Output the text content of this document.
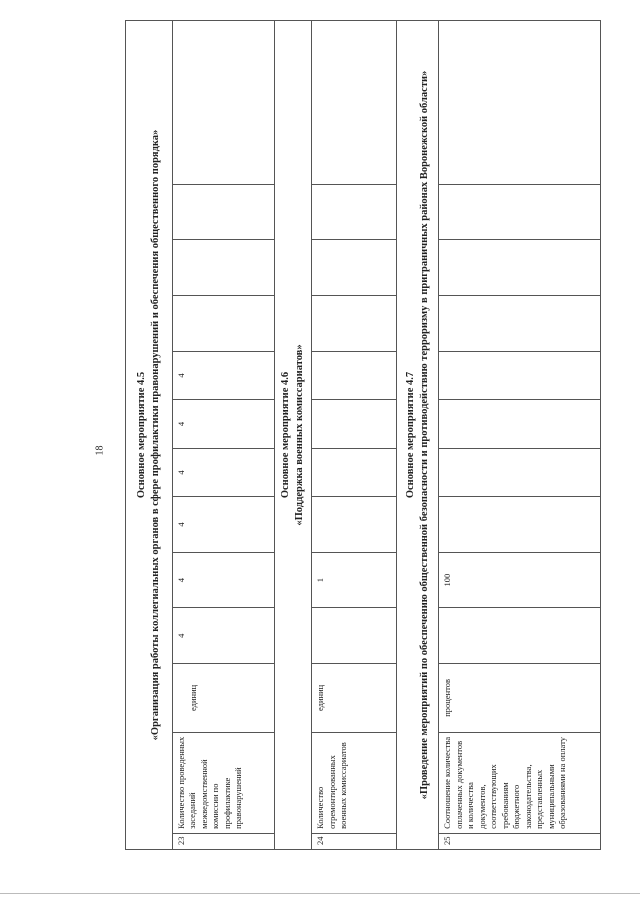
18	Основное мероприятие 4.5 «Организация работы коллегиальных органов в сфере профилактики правонарушений и обеспечения общественного порядка»												

23	Количество проведенных заседаний межведомственной комиссии по профилактике правонарушений	единиц	4	4	4	4	4	4				

Основное мероприятие 4.6 «Поддержка военных комиссариатов»												

24	Количество отремонтированных военных комиссариатов	единиц		1								

Основное мероприятие 4.7 «Проведение мероприятий по обеспечению общественной безопасности и противодействию терроризму в приграничных районах Воронежской области»												

25	Соотношение количества оплаченных документов и количества документов, соответствующих требованиям бюджетного законодательства, представленных муниципальными образованиями на оплату	процентов		100								
